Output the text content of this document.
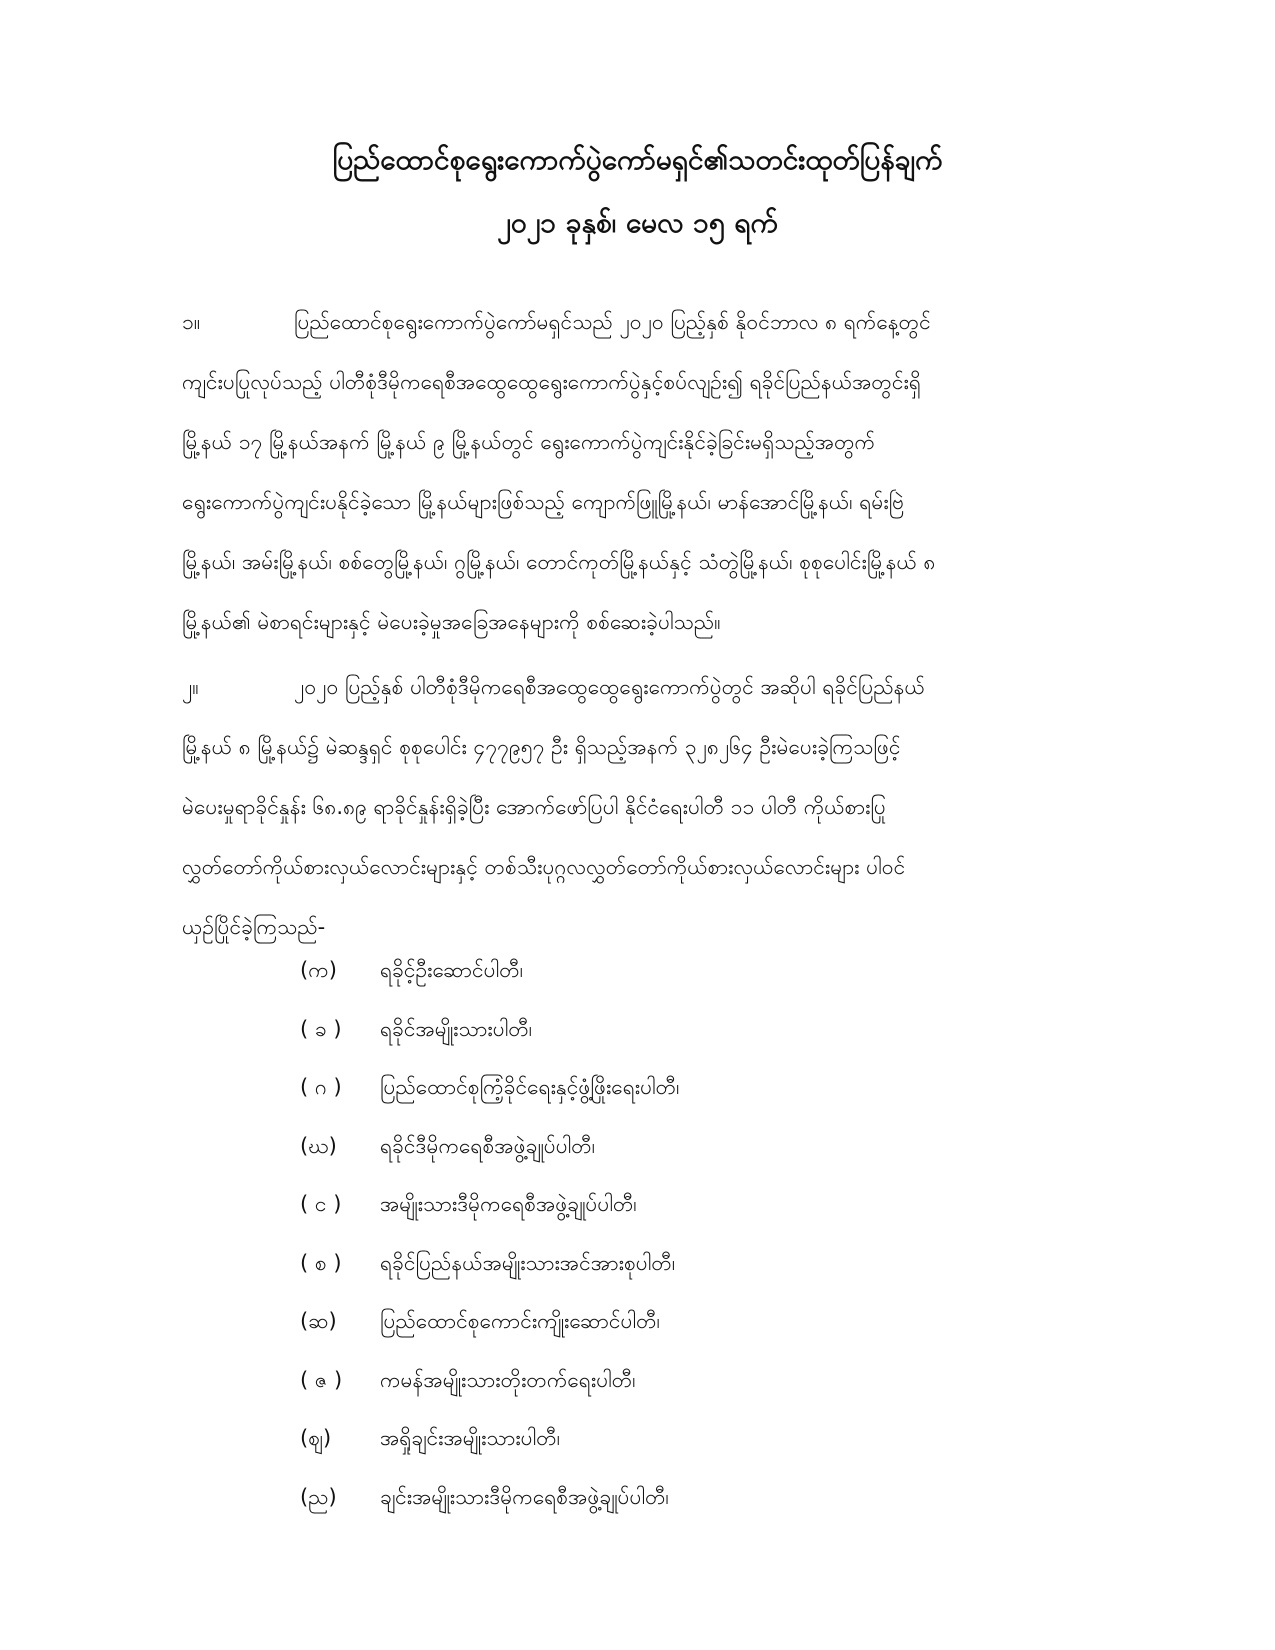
ပြည်ထောင်စုရွေးကောက်ပွဲကော်မရှင်၏သတင်းထုတ်ပြန်ချက်
၂၀၂၁ ခုနှစ်၊ မေလ ၁၅ ရက်
၁။	ပြည်ထောင်စုရွေးကောက်ပွဲကော်မရှင်သည် ၂၀၂၀ ပြည့်နှစ် နိုဝင်ဘာလ ၈ ရက်နေ့တွင်
ကျင်းပပြုလုပ်သည့် ပါတီစုံဒီမိုကရေစီအထွေထွေရွေးကောက်ပွဲနှင့်စပ်လျဉ်း၍ ရခိုင်ပြည်နယ်အတွင်းရှိ
မြို့နယ် ၁၇ မြို့နယ်အနက် မြို့နယ် ၉ မြို့နယ်တွင် ရွေးကောက်ပွဲကျင်းနိုင်ခဲ့ခြင်းမရှိသည့်အတွက်
ရွေးကောက်ပွဲကျင်းပနိုင်ခဲ့သော မြို့နယ်များဖြစ်သည့် ကျောက်ဖြူမြို့နယ်၊ မာန်အောင်မြို့နယ်၊ ရမ်းဗြဲ
မြို့နယ်၊ အမ်းမြို့နယ်၊ စစ်တွေမြို့နယ်၊ ဂွမြို့နယ်၊ တောင်ကုတ်မြို့နယ်နှင့် သံတွဲမြို့နယ်၊ စုစုပေါင်းမြို့နယ် ၈
မြို့နယ်၏ မဲစာရင်းများနှင့် မဲပေးခဲ့မှုအခြေအနေများကို စစ်ဆေးခဲ့ပါသည်။
၂။	၂၀၂၀ ပြည့်နှစ် ပါတီစုံဒီမိုကရေစီအထွေထွေရွေးကောက်ပွဲတွင် အဆိုပါ ရခိုင်ပြည်နယ်
မြို့နယ် ၈ မြို့နယ်၌ မဲဆန္ဒရှင် စုစုပေါင်း ၄၇၇၉၅၇ ဦး ရှိသည့်အနက် ၃၂၈၂၆၄ ဦးမဲပေးခဲ့ကြသဖြင့်
မဲပေးမှုရာခိုင်နှုန်း ၆၈.၈၉ ရာခိုင်နှုန်းရှိခဲ့ပြီး အောက်ဖော်ပြပါ နိုင်ငံရေးပါတီ ၁၁ ပါတီ ကိုယ်စားပြု
လွှတ်တော်ကိုယ်စားလှယ်လောင်းများနှင့် တစ်သီးပုဂ္ဂလလွှတ်တော်ကိုယ်စားလှယ်လောင်းများ ပါဝင်
ယှဉ်ပြိုင်ခဲ့ကြသည်-
(က) ရခိုင့်ဦးဆောင်ပါတီ၊
( ခ ) ရခိုင်အမျိုးသားပါတီ၊
( ဂ ) ပြည်ထောင်စုကြံ့ခိုင်ရေးနှင့်ဖွံ့ဖြိုးရေးပါတီ၊
(ဃ) ရခိုင်ဒီမိုကရေစီအဖွဲ့ချုပ်ပါတီ၊
( င ) အမျိုးသားဒီမိုကရေစီအဖွဲ့ချုပ်ပါတီ၊
( စ ) ရခိုင်ပြည်နယ်အမျိုးသားအင်အားစုပါတီ၊
(ဆ) ပြည်ထောင်စုကောင်းကျိုးဆောင်ပါတီ၊
( ဇ ) ကမန်အမျိုးသားတိုးတက်ရေးပါတီ၊
(ဈ) အရှိုချင်းအမျိုးသားပါတီ၊
(ည) ချင်းအမျိုးသားဒီမိုကရေစီအဖွဲ့ချုပ်ပါတီ၊
